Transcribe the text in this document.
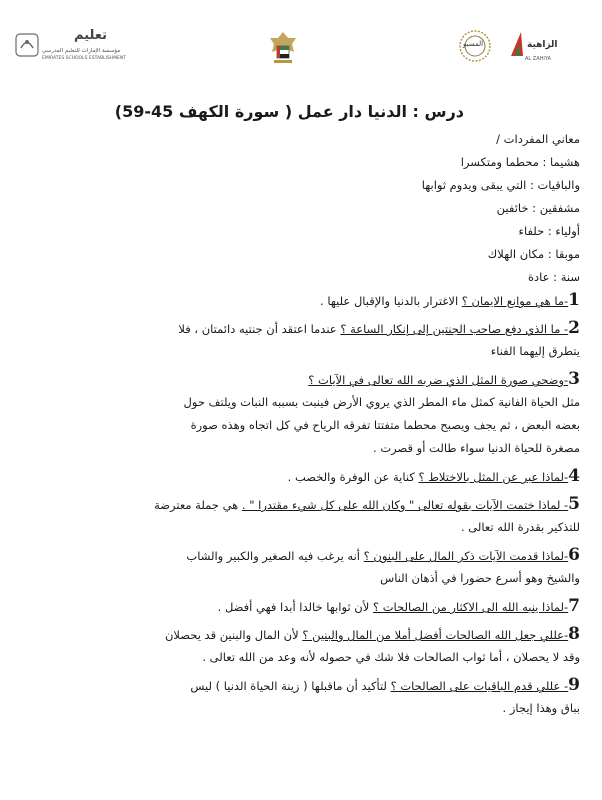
تعليم
مؤسسة الإمارات للتعليم المدرسي
EMIRATES SCHOOLS ESTABLISHMENT
المسبو	الزاهية
AL ZAHIYA
درس : الدنيا دار عمل ( سورة الكهف 45-59)
معاني المفردات /
هشيما : محطما ومتكسرا
والباقيات : التي يبقى ويدوم ثوابها
مشفقين : خائفين
أولياء : حلفاء
موبقا : مكان الهلاك
سنة : عادة
1-ما هي موانع الايمان ؟ الاغترار بالدنيا والإقبال عليها .
2- ما الذي دفع صاحب الجنتين إلى إنكار الساعة ؟ عندما اعتقد أن جنتيه دائمتان ، فلا
يتطرق إليهما الفناء
3-وضحي صورة المثل الذي ضربه الله تعالى في الآيات ؟
مثل الحياة الفانية كمثل ماء المطر الذي يروي الأرض فينبت بسببه النبات ويلتف حول
بعضه البعض ، ثم يجف ويصبح محطما متفتتا تفرقه الرياح في كل اتجاه وهذه صورة
مصغرة للحياة الدنيا سواء طالت أو قصرت .
4-لماذا عبر عن المثل بالاختلاط ؟ كناية عن الوفرة والخصب .
5- لماذا ختمت الآيات بقوله تعالى " وكان الله على كل شيء مقتدرا " . هي جملة معترضة
للتذكير بقدرة الله تعالى .
6-لماذا قدمت الآيات ذكر المال على البنون ؟ أنه يرغب فيه الصغير والكبير والشاب
والشيخ وهو أسرع حضورا في أذهان الناس
7-لماذا ينبه الله الى الاكثار من الصالحات ؟ لأن ثوابها خالدا أبدا فهي أفضل .
8-عللي جعل الله الصالحات أفضل أملا من المال والبنين ؟ لأن المال والبنين قد يحصلان
وقد لا يحصلان ، أما ثواب الصالحات فلا شك في حصوله لأنه وعد من الله تعالى .
9- عللي قدم الباقيات على الصالحات ؟ لتأكيد أن ماقبلها ( زينة الحياة الدنيا ) ليس
بباق وهذا إيجاز .
